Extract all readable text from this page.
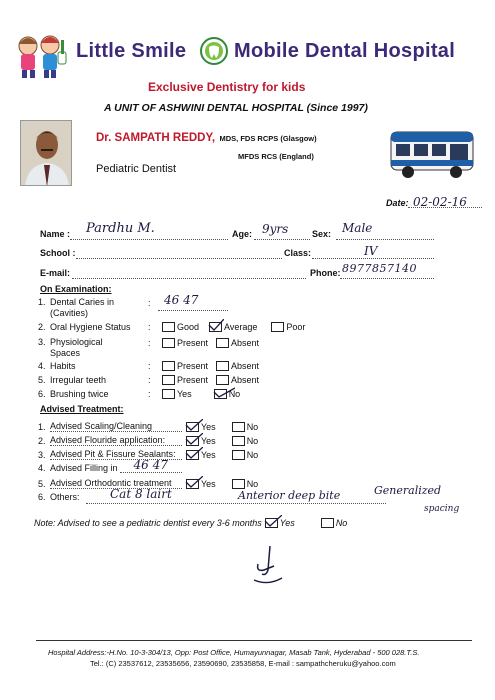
Little Smile Mobile Dental Hospital
Exclusive Dentistry for kids
A UNIT OF ASHWINI DENTAL HOSPITAL (Since 1997)
Dr. SAMPATH REDDY, MDS, FDS RCPS (Glasgow)
MFDS RCS (England)
Pediatric Dentist
Date: 02-02-16
Name : Pardhu M.	Age: 9yrs	Sex: Male
School :	Class:	IV
E-mail:	Phone: 8977857140
On Examination:
1. Dental Caries in
(Cavities)
: 46 47
2. Oral Hygiene Status :	Good	Average	Poor
3. Physiological
Spaces
:	Present	Absent
4. Habits	:	Present	Absent
5. Irregular teeth	:	Present	Absent
6. Brushing twice	:	Yes	No
Advised Treatment:
1. Advised Scaling/Cleaning	Yes	No
2. Advised Flouride application:	Yes	No
3. Advised Pit & Fissure Sealants:	Yes	No
4. Advised Filling in 46 47
5. Advised Orthodontic treatment	Yes	No
6. Others:	Cat 8 lairt	Anterior deep bite	Generalized
spacing
Note: Advised to see a pediatric dentist every 3-6 months Yes	No
Hospital Address:-H.No. 10-3-304/13, Opp: Post Office, Humayunnagar, Masab Tank, Hyderabad - 500 028.T.S.
Tel.: (C) 23537612, 23535656, 23590690, 23535858, E-mail : sampathcheruku@yahoo.com
